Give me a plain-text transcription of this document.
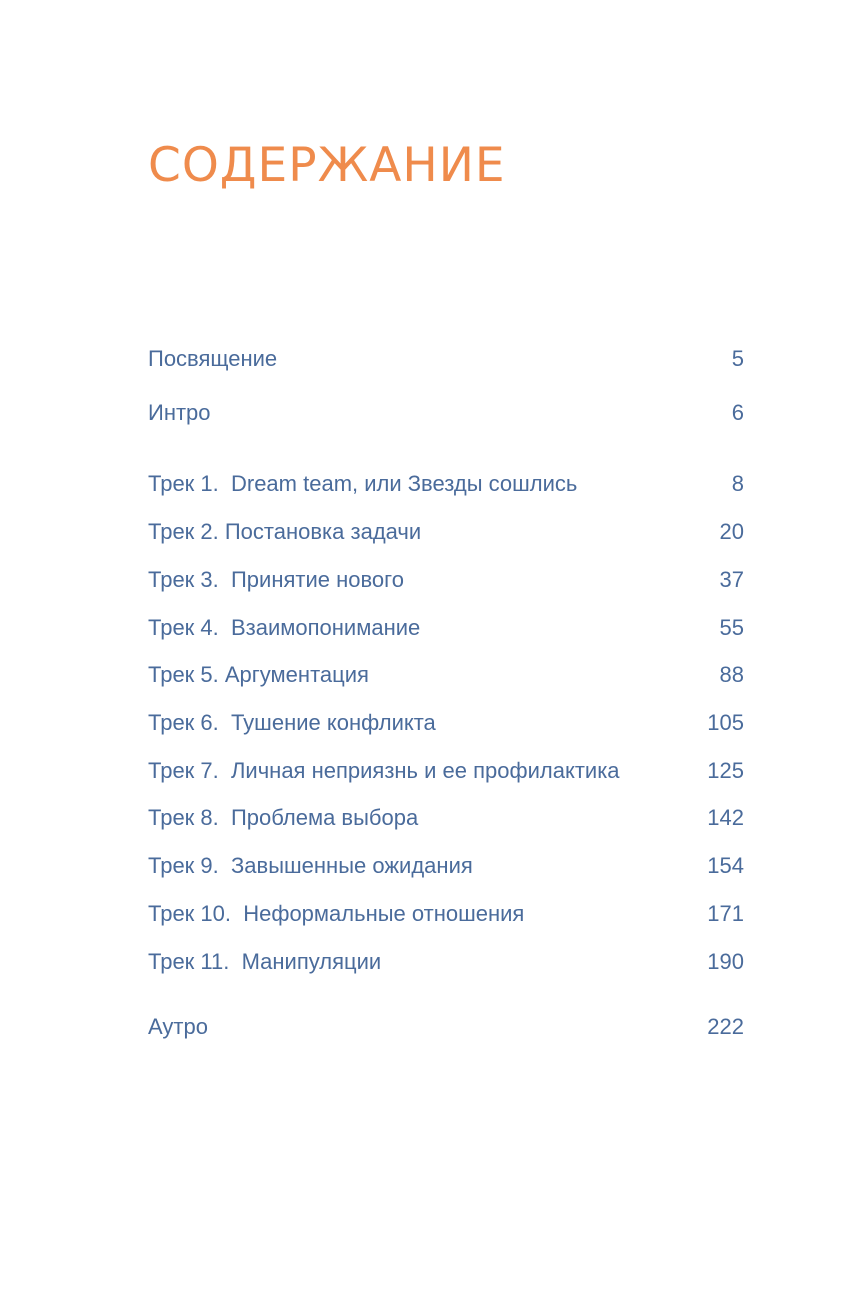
СОДЕРЖАНИЕ
Посвящение	5
Интро	6
Трек 1.  Dream team, или Звезды сошлись	8
Трек 2. Постановка задачи	20
Трек 3.  Принятие нового	37
Трек 4.  Взаимопонимание	55
Трек 5. Аргументация	88
Трек 6.  Тушение конфликта	105
Трек 7.  Личная неприязнь и ее профилактика	125
Трек 8.  Проблема выбора	142
Трек 9.  Завышенные ожидания	154
Трек 10.  Неформальные отношения	171
Трек 11.  Манипуляции	190
Аутро	222
